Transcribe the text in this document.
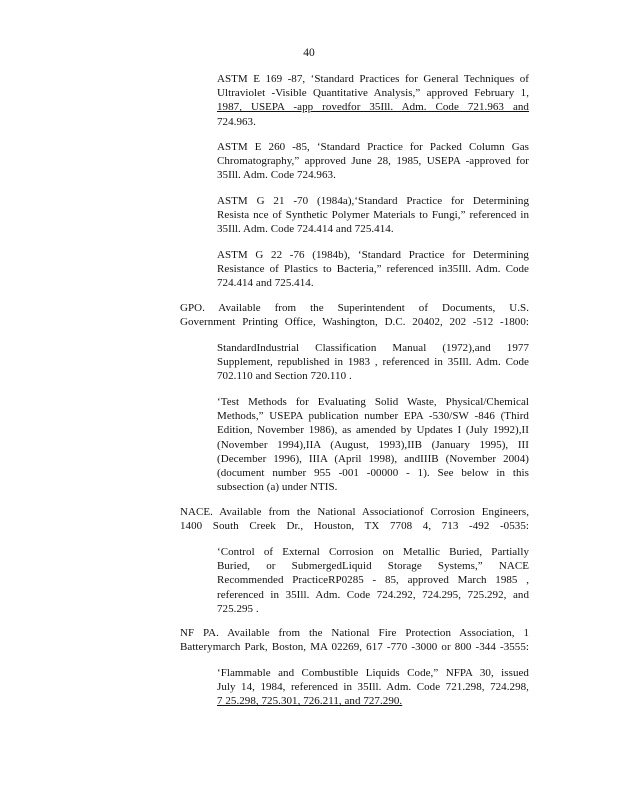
40
ASTM E 169 -87, ‘Standard Practices for General Techniques of
Ultraviolet -Visible Quantitative Analysis,” approved February 1,
1987, USEPA -app rovedfor 35Ill. Adm. Code 721.963 and
724.963.
ASTM E 260 -85, ‘Standard Practice for Packed Column Gas
Chromatography,” approved June 28, 1985, USEPA -approved for
35Ill. Adm. Code 724.963.
ASTM G 21 -70 (1984a),‘Standard Practice for Determining
Resista nce of Synthetic Polymer Materials to Fungi,” referenced in
35Ill. Adm. Code 724.414 and 725.414.
ASTM G 22 -76 (1984b), ‘Standard Practice for Determining
Resistance of Plastics to Bacteria,” referenced in35Ill. Adm. Code
724.414 and 725.414.
GPO. Available from the Superintendent of Documents, U.S.
Government Printing Office, Washington, D.C. 20402, 202 -512 -1800:
StandardIndustrial Classification Manual (1972),and 1977
Supplement, republished in 1983 , referenced in 35Ill. Adm. Code
702.110 and Section 720.110 .
‘Test Methods for Evaluating Solid Waste, Physical/Chemical
Methods,” USEPA publication number EPA -530/SW -846 (Third
Edition, November 1986), as amended by Updates I (July 1992),II
(November 1994),IIA (August, 1993),IIB (January 1995), III
(December 1996), IIIA (April 1998), andIIIB (November 2004)
(document number 955 -001 -00000 - 1). See below in this
subsection (a) under NTIS.
NACE. Available from the National Associationof Corrosion Engineers,
1400 South Creek Dr., Houston, TX 7708 4, 713 -492 -0535:
‘Control of External Corrosion on Metallic Buried, Partially
Buried, or SubmergedLiquid Storage Systems,” NACE
Recommended PracticeRP0285 - 85, approved March 1985 ,
referenced in 35Ill. Adm. Code 724.292, 724.295, 725.292, and
725.295 .
NF PA. Available from the National Fire Protection Association, 1
Batterymarch Park, Boston, MA 02269, 617 -770 -3000 or 800 -344 -3555:
‘Flammable and Combustible Liquids Code,” NFPA 30, issued
July 14, 1984, referenced in 35Ill. Adm. Code 721.298, 724.298,
7 25.298, 725.301, 726.211, and 727.290.
